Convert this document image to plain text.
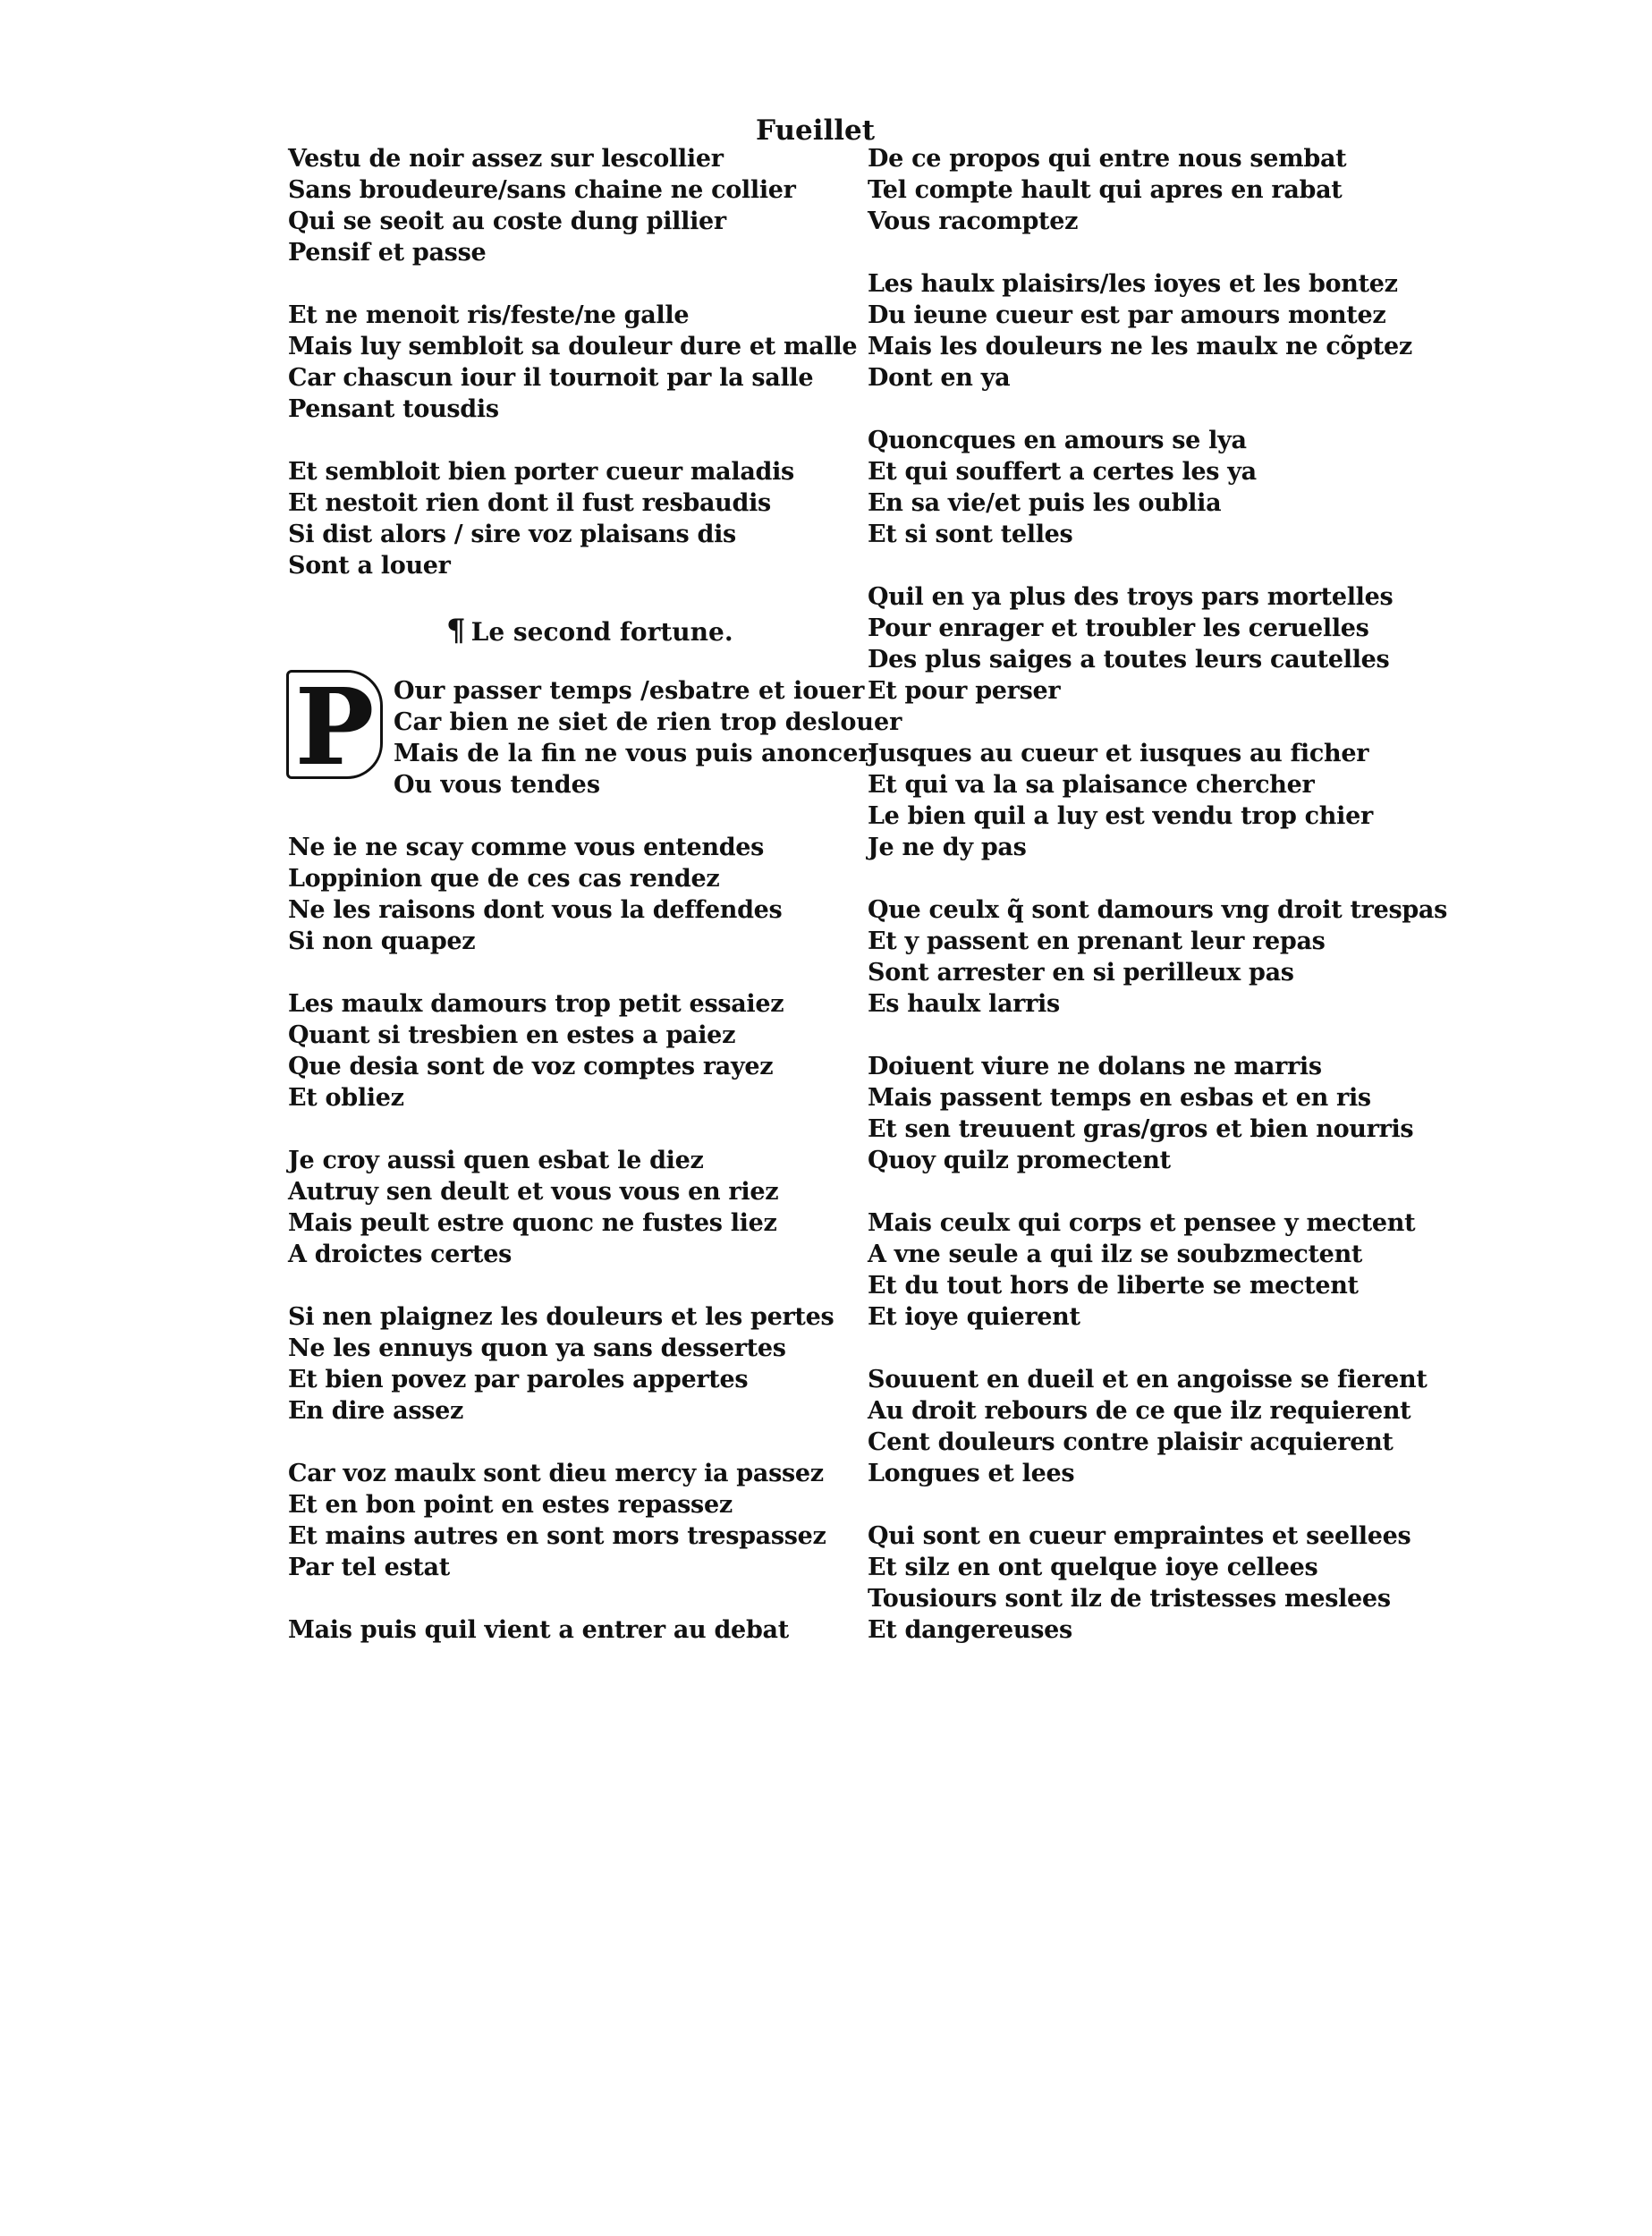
Fueillet
Vestu de noir assez sur lescollier
Sans broudeure/sans chaine ne collier
Qui se seoit au coste dung pillier
Pensif et passe
Et ne menoit ris/feste/ne galle
Mais luy sembloit sa douleur dure et malle
Car chascun iour il tournoit par la salle
Pensant tousdis
Et sembloit bien porter cueur maladis
Et nestoit rien dont il fust resbaudis
Si dist alors / sire voz plaisans dis
Sont a louer
¶ Le second fortune.
P Our passer temps /esbatre et iouer
Car bien ne siet de rien trop deslouer
Mais de la fin ne vous puis anoncer
Ou vous tendes
Ne ie ne scay comme vous entendes
Loppinion que de ces cas rendez
Ne les raisons dont vous la deffendes
Si non quapez
Les maulx damours trop petit essaiez
Quant si tresbien en estes a paiez
Que desia sont de voz comptes rayez
Et obliez
Je croy aussi quen esbat le diez
Autruy sen deult et vous vous en riez
Mais peult estre quonc ne fustes liez
A droictes certes
Si nen plaignez les douleurs et les pertes
Ne les ennuys quon ya sans dessertes
Et bien povez par paroles appertes
En dire assez
Car voz maulx sont dieu mercy ia passez
Et en bon point en estes repassez
Et mains autres en sont mors trespassez
Par tel estat
Mais puis quil vient a entrer au debat
De ce propos qui entre nous sembat
Tel compte hault qui apres en rabat
Vous racomptez
Les haulx plaisirs/les ioyes et les bontez
Du ieune cueur est par amours montez
Mais les douleurs ne les maulx ne cõptez
Dont en ya
Quoncques en amours se lya
Et qui souffert a certes les ya
En sa vie/et puis les oublia
Et si sont telles
Quil en ya plus des troys pars mortelles
Pour enrager et troubler les ceruelles
Des plus saiges a toutes leurs cautelles
Et pour perser
Jusques au cueur et iusques au ficher
Et qui va la sa plaisance chercher
Le bien quil a luy est vendu trop chier
Je ne dy pas
Que ceulx q̃ sont damours vng droit trespas
Et y passent en prenant leur repas
Sont arrester en si perilleux pas
Es haulx larris
Doiuent viure ne dolans ne marris
Mais passent temps en esbas et en ris
Et sen treuuent gras/gros et bien nourris
Quoy quilz promectent
Mais ceulx qui corps et pensee y mectent
A vne seule a qui ilz se soubzmectent
Et du tout hors de liberte se mectent
Et ioye quierent
Souuent en dueil et en angoisse se fierent
Au droit rebours de ce que ilz requierent
Cent douleurs contre plaisir acquierent
Longues et lees
Qui sont en cueur empraintes et seellees
Et silz en ont quelque ioye cellees
Tousiours sont ilz de tristesses meslees
Et dangereuses
